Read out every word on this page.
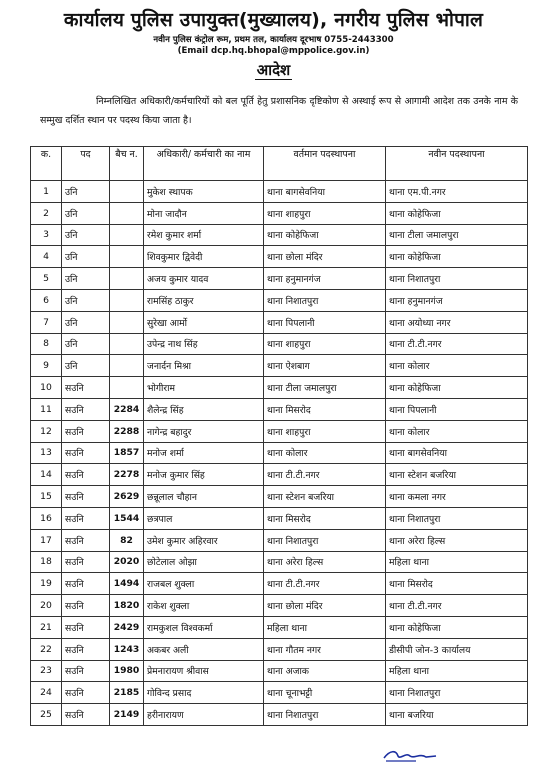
कार्यालय पुलिस उपायुक्त(मुख्यालय), नगरीय पुलिस भोपाल
नवीन पुलिस कंट्रोल रूम, प्रथम तल, कार्यालय दूरभाष 0755-2443300
(Email dcp.hq.bhopal@mppolice.gov.in)
आदेश
निम्नलिखित अधिकारी/कर्मचारियों को बल पूर्ति हेतु प्रशासनिक दृष्टिकोण से अस्थाई रूप से आगामी आदेश तक उनके नाम के सम्मुख दर्शित स्थान पर पदस्थ किया जाता है।
क.	पद	बैच न.	अधिकारी/ कर्मचारी का नाम	वर्तमान पदस्थापना	नवीन पदस्थापना
1	उनि		मुकेश स्थापक	थाना बागसेवनिया	थाना एम.पी.नगर
2	उनि		मोना जादौन	थाना शाहपुरा	थाना कोहेफिजा
3	उनि		रमेश कुमार शर्मा	थाना कोहेफिजा	थाना टीला जमालपुरा
4	उनि		शिवकुमार द्विवेदी	थाना छोला मंदिर	थाना कोहेफिजा
5	उनि		अजय कुमार यादव	थाना हनुमानगंज	थाना निशातपुरा
6	उनि		रामसिंह ठाकुर	थाना निशातपुरा	थाना हनुमानगंज
7	उनि		सुरेखा आर्मो	थाना पिपलानी	थाना अयोध्या नगर
8	उनि		उपेन्द्र नाथ सिंह	थाना शाहपुरा	थाना टी.टी.नगर
9	उनि		जनार्दन मिश्रा	थाना ऐशबाग	थाना कोलार
10	सउनि		भोगीराम	थाना टीला जमालपुरा	थाना कोहेफिजा
11	सउनि	2284	शैलेन्द्र सिंह	थाना मिसरोद	थाना पिपलानी
12	सउनि	2288	नागेन्द्र बहादुर	थाना शाहपुरा	थाना कोलार
13	सउनि	1857	मनोज शर्मा	थाना कोलार	थाना बागसेवनिया
14	सउनि	2278	मनोज कुमार सिंह	थाना टी.टी.नगर	थाना स्टेशन बजरिया
15	सउनि	2629	छन्नूलाल चौहान	थाना स्टेशन बजरिया	थाना कमला नगर
16	सउनि	1544	छत्रपाल	थाना मिसरोद	थाना निशातपुरा
17	सउनि	82	उमेश कुमार अहिरवार	थाना निशातपुरा	थाना अरेरा हिल्स
18	सउनि	2020	छोटेलाल ओझा	थाना अरेरा हिल्स	महिला थाना
19	सउनि	1494	राजबल शुक्ला	थाना टी.टी.नगर	थाना मिसरोद
20	सउनि	1820	राकेश शुक्ला	थाना छोला मंदिर	थाना टी.टी.नगर
21	सउनि	2429	रामकुशल विश्वकर्मा	महिला थाना	थाना कोहेफिजा
22	सउनि	1243	अकबर अली	थाना गौतम नगर	डीसीपी जोन-3 कार्यालय
23	सउनि	1980	प्रेमनारायण श्रीवास	थाना अजाक	महिला थाना
24	सउनि	2185	गोविन्द प्रसाद	थाना चूनाभट्टी	थाना निशातपुरा
25	सउनि	2149	हरीनारायण	थाना निशातपुरा	थाना बजरिया
